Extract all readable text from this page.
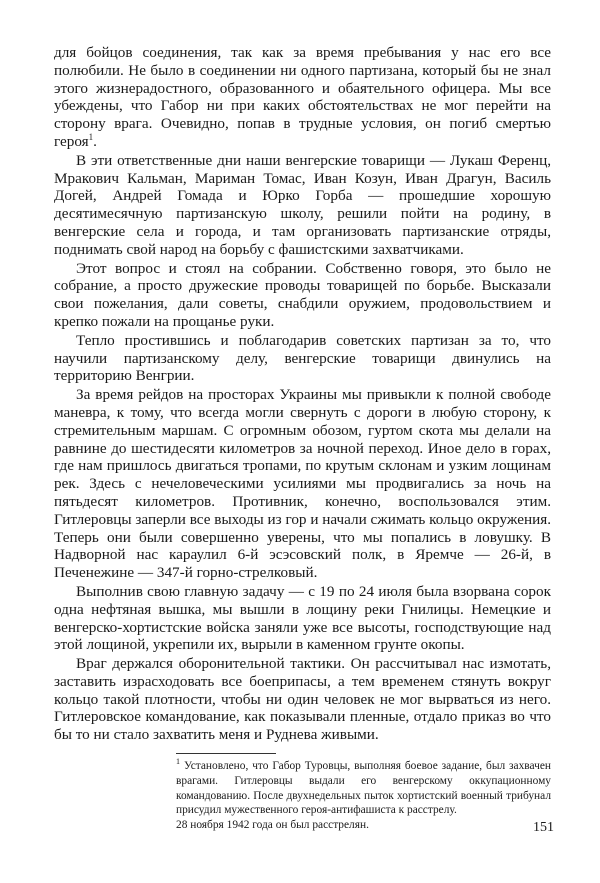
для бойцов соединения, так как за время пребывания у нас его все полюбили. Не было в соединении ни одного партизана, который бы не знал этого жизнерадостного, образованного и обаятельного офицера. Мы все убеждены, что Габор ни при каких обстоятельствах не мог перейти на сторону врага. Очевидно, попав в трудные условия, он погиб смертью героя$^1$.

В эти ответственные дни наши венгерские товарищи — Лукаш Ференц, Мракович Кальман, Мариман Томас, Иван Козун, Иван Драгун, Василь Догей, Андрей Гомада и Юрко Горба — прошедшие хорошую десятимесячную партизанскую школу, решили пойти на родину, в венгерские села и города, и там организовать партизанские отряды, поднимать свой народ на борьбу с фашистскими захватчиками.

Этот вопрос и стоял на собрании. Собственно говоря, это было не собрание, а просто дружеские проводы товарищей по борьбе. Высказали свои пожелания, дали советы, снабдили оружием, продовольствием и крепко пожали на прощанье руки.

Тепло простившись и поблагодарив советских партизан за то, что научили партизанскому делу, венгерские товарищи двинулись на территорию Венгрии.

За время рейдов на просторах Украины мы привыкли к полной свободе маневра, к тому, что всегда могли свернуть с дороги в любую сторону, к стремительным маршам. С огромным обозом, гуртом скота мы делали на равнине до шестидесяти километров за ночной переход. Иное дело в горах, где нам пришлось двигаться тропами, по крутым склонам и узким лощинам рек. Здесь с нечеловеческими усилиями мы продвигались за ночь на пятьдесят километров. Противник, конечно, воспользовался этим. Гитлеровцы заперли все выходы из гор и начали сжимать кольцо окружения. Теперь они были совершенно уверены, что мы попались в ловушку. В Надворной нас караулил 6-й эсэсовский полк, в Яремче — 26-й, в Печенежине — 347-й горно-стрелковый.

Выполнив свою главную задачу — с 19 по 24 июля была взорвана сорок одна нефтяная вышка, мы вышли в лощину реки Гнилицы. Немецкие и венгерско-хортистские войска заняли уже все высоты, господствующие над этой лощиной, укрепили их, вырыли в каменном грунте окопы.

Враг держался оборонительной тактики. Он рассчитывал нас измотать, заставить израсходовать все боеприпасы, а тем временем стянуть вокруг кольцо такой плотности, чтобы ни один человек не мог вырваться из него. Гитлеровское командование, как показывали пленные, отдало приказ во что бы то ни стало захватить меня и Руднева живыми.

$^1$ Установлено, что Габор Туровцы, выполняя боевое задание, был захвачен врагами. Гитлеровцы выдали его венгерскому оккупационному командованию. После двухнедельных пыток хортистский военный трибунал присудил мужественного героя-антифашиста к расстрелу.

28 ноября 1942 года он был расстрелян.	151
